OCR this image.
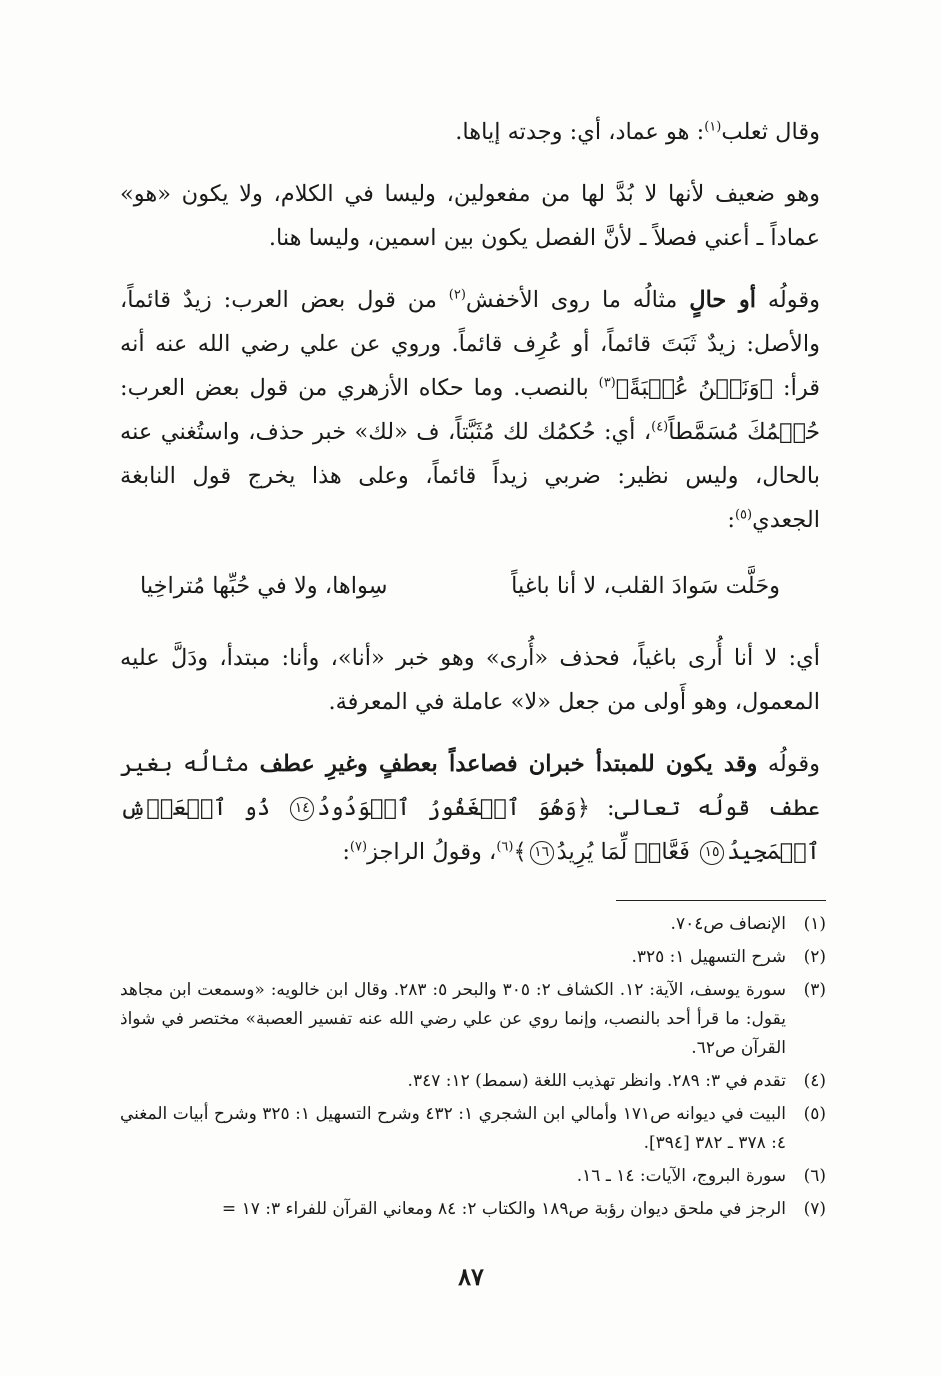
وقال ثعلب$^{(١)}$: هو عماد، أي: وجدته إياها.

وهو ضعيف لأنها لا بُدَّ لها من مفعولين، وليسا في الكلام، ولا يكون «هو» عماداً ـ أعني فصلاً ـ لأنَّ الفصل يكون بين اسمين، وليسا هنا.

وقولُه أو حالٍ مثالُه ما روى الأخفش$^{(٢)}$ من قول بعض العرب: زيدٌ قائماً، والأصل: زيدٌ ثَبَتَ قائماً، أو عُرِف قائماً. وروي عن علي رضي الله عنه أنه قرأ: ﴿وَنَحۡنُ عُصۡبَةً﴾$^{(٣)}$ بالنصب. وما حكاه الأزهري من قول بعض العرب: حُكۡمُكَ مُسَمَّطاً$^{(٤)}$، أي: حُكمُك لك مُثَبَّتاً، ف «لك» خبر حذف، واستُغني عنه بالحال، وليس نظير: ضربي زيداً قائماً، وعلى هذا يخرج قول النابغة الجعدي$^{(٥)}$:

وحَلَّت سَوادَ القلب، لا أنا باغياً
سِواها، ولا في حُبِّها مُتراخِيا

أي: لا أنا أُرى باغياً، فحذف «أُرى» وهو خبر «أنا»، وأنا: مبتدأ، ودَلَّ عليه المعمول، وهو أَولى من جعل «لا» عاملة في المعرفة.

وقولُه وقد يكون للمبتدأ خبران فصاعداً بعطفٍ وغيرِ عطف مثالُه بغير عطف قولُه تعالى: ﴿وَهُوَ ٱلۡغَفُورُ ٱلۡوَدُودُ١٤ ذُو ٱلۡعَرۡشِ ٱلۡمَجِيدُ١٥ فَعَّالٞ لِّمَا يُرِيدُ١٦﴾$^{(٦)}$، وقولُ الراجز$^{(٧)}$:

(١)
الإنصاف ص٧٠٤.
(٢)
شرح التسهيل ١: ٣٢٥.
(٣)
سورة يوسف، الآية: ١٢. الكشاف ٢: ٣٠٥ والبحر ٥: ٢٨٣. وقال ابن خالويه: «وسمعت ابن مجاهد يقول: ما قرأ أحد بالنصب، وإنما روي عن علي رضي الله عنه تفسير العصبة» مختصر في شواذ القرآن ص٦٢.
(٤)
تقدم في ٣: ٢٨٩. وانظر تهذيب اللغة (سمط) ١٢: ٣٤٧.
(٥)
البيت في ديوانه ص١٧١ وأمالي ابن الشجري ١: ٤٣٢ وشرح التسهيل ١: ٣٢٥ وشرح أبيات المغني ٤: ٣٧٨ ـ ٣٨٢ [٣٩٤].
(٦)
سورة البروج، الآيات: ١٤ ـ ١٦.
(٧)
الرجز في ملحق ديوان رؤبة ص١٨٩ والكتاب ٢: ٨٤ ومعاني القرآن للفراء ٣: ١٧ =
٨٧
